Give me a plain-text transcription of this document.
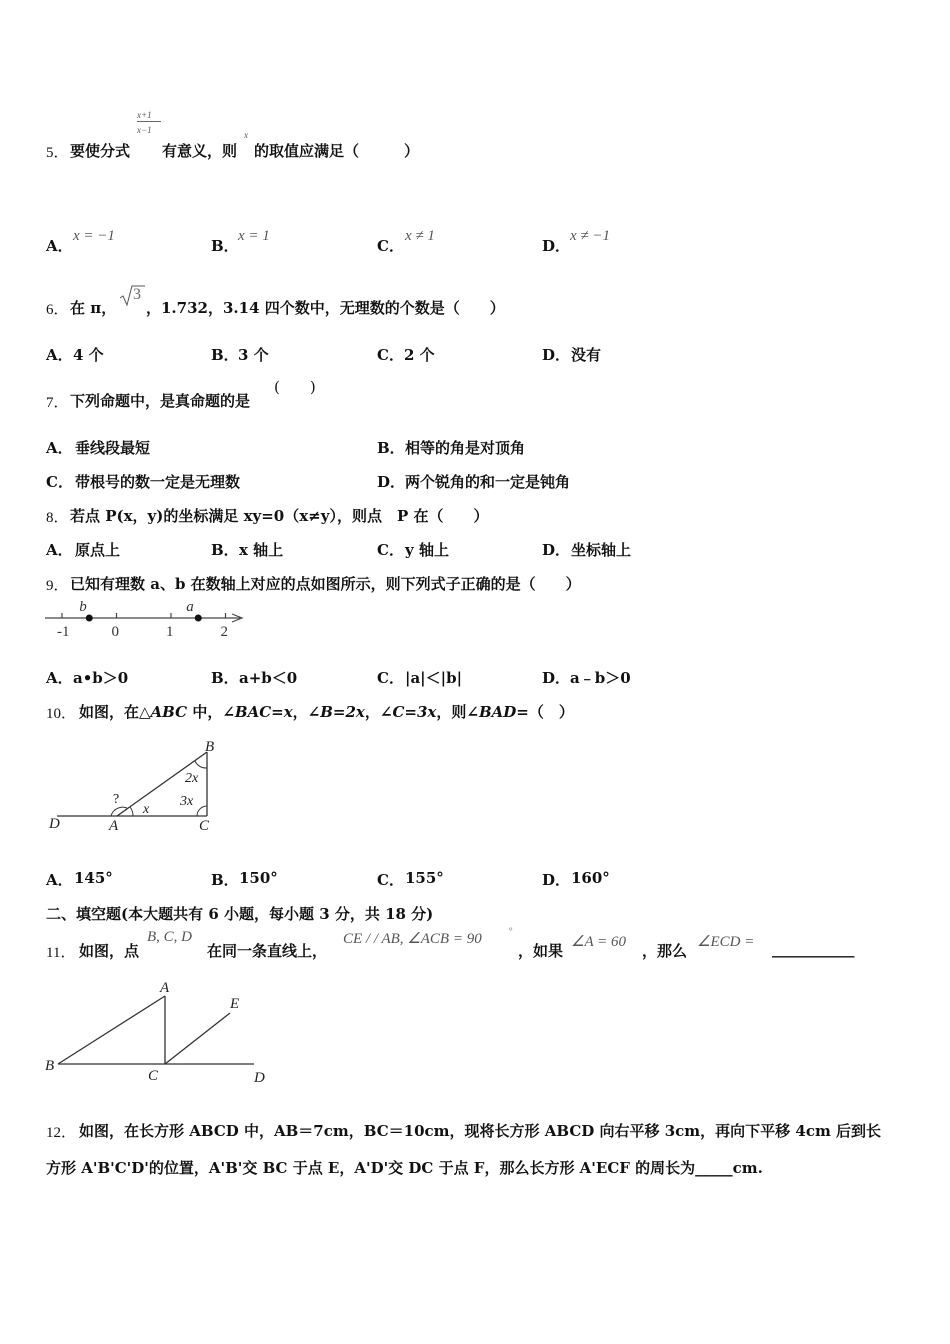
5． 要使分式
x+1
x−1
有意义，则
x
的取值应满足（　　　）
A．
x = −1
B．
x = 1
C．
x ≠ 1
D．
x ≠ −1
6． 在 π，
3
，1.732，3.14 四个数中，无理数的个数是（　　）
A． 4 个	B． 3 个	C． 2 个	D． 没有
7． 下列命题中，是真命题的是
(　　)
A． 垂线段最短	B． 相等的角是对顶角
C． 带根号的数一定是无理数	D． 两个锐角的和一定是钝角
8． 若点 P(x，y)的坐标满足 xy=0（x≠y），则点　P 在（　　）
A． 原点上	B． x 轴上	C． y 轴上	D． 坐标轴上
9． 已知有理数 a、b 在数轴上对应的点如图所示，则下列式子正确的是（　　）
-1	0	1	2
b	a
A． a•b＞0	B． a+b＜0	C． |a|＜|b|	D． a﹣b＞0
10． 如图，在△ABC 中，∠BAC=x，∠B=2x，∠C=3x，则∠BAD=（　）
B
A	C
D
?
x
2x
3x
A． 145°	B． 150°	C． 155°	D． 160°
二、填空题(本大题共有 6 小题，每小题 3 分，共 18 分)
11． 如图，点
B, C, D
在同一条直线上，
CE / / AB, ∠ACB = 90	°
，如果 ∠A = 60 ，那么 ∠ECD = ___________
A
B
C	D
E
12． 如图，在长方形 ABCD 中，AB＝7cm，BC＝10cm，现将长方形 ABCD 向右平移 3cm，再向下平移 4cm 后到长
方形 A'B'C'D'的位置，A'B'交 BC 于点 E，A'D'交 DC 于点 F，那么长方形 A'ECF 的周长为_____cm.
